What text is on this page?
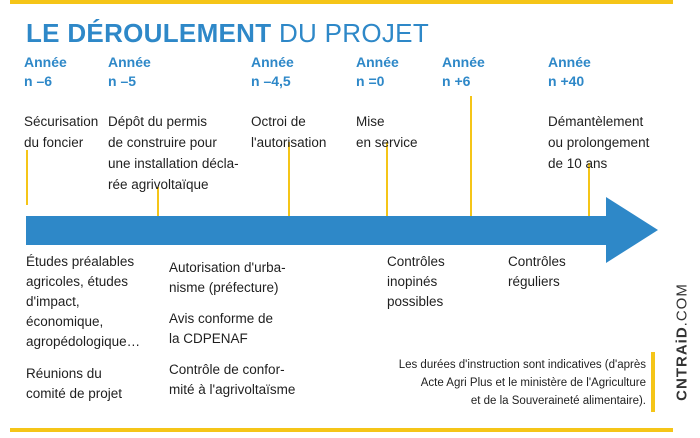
LE DÉROULEMENT DU PROJET
Année
n –6
Sécurisation
du foncier
Année
n –5
Dépôt du permis
de construire pour
une installation décla-
rée agrivoltaïque
Année
n –4,5
Octroi de
l'autorisation
Année
n =0
Mise
en service
Année
n +6
Année
n +40
Démantèlement
ou prolongement
de 10 ans

Études préalables
agricoles, études
d'impact,
économique,
agropédologique…

Réunions du
comité de projet

Autorisation d'urba-
nisme (préfecture)

Avis conforme de
la CDPENAF

Contrôle de confor-
mité à l'agrivoltaïsme

Contrôles
inopinés
possibles

Contrôles
réguliers

Les durées d'instruction sont indicatives (d'après
Acte Agri Plus et le ministère de l'Agriculture
et de la Souveraineté alimentaire).
CNTRAiD.COM
